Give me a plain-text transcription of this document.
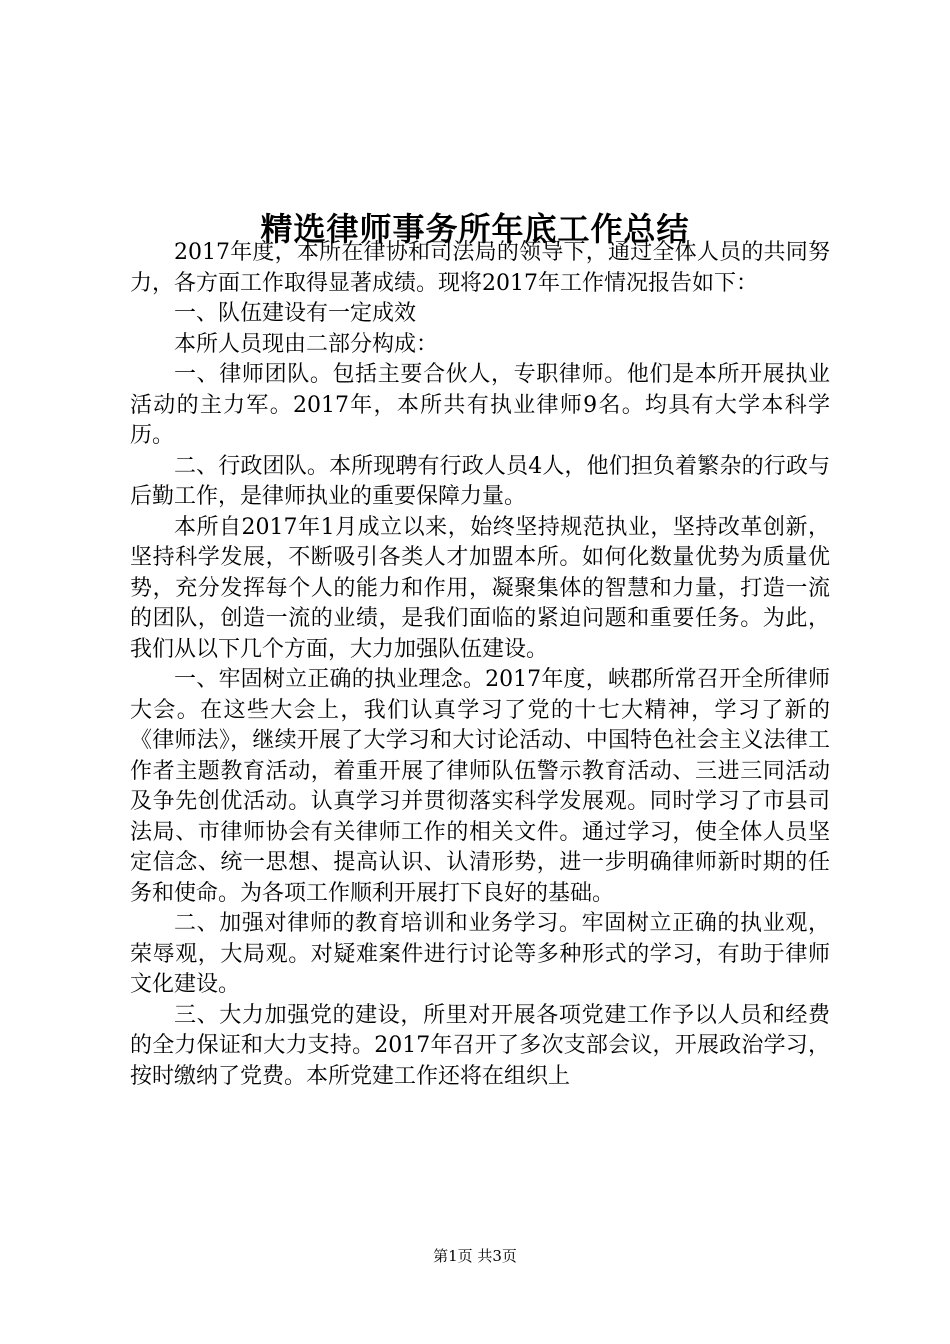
精选律师事务所年底工作总结

2017年度，本所在律协和司法局的领导下，通过全体人员的共同努力，各方面工作取得显著成绩。现将2017年工作情况报告如下：

一、队伍建设有一定成效

本所人员现由二部分构成：

一、律师团队。包括主要合伙人，专职律师。他们是本所开展执业活动的主力军。2017年，本所共有执业律师9名。均具有大学本科学历。

二、行政团队。本所现聘有行政人员4人，他们担负着繁杂的行政与后勤工作，是律师执业的重要保障力量。

本所自2017年1月成立以来，始终坚持规范执业，坚持改革创新，坚持科学发展，不断吸引各类人才加盟本所。如何化数量优势为质量优势，充分发挥每个人的能力和作用，凝聚集体的智慧和力量，打造一流的团队，创造一流的业绩，是我们面临的紧迫问题和重要任务。为此，我们从以下几个方面，大力加强队伍建设。

一、牢固树立正确的执业理念。2017年度，峡郡所常召开全所律师大会。在这些大会上，我们认真学习了党的十七大精神，学习了新的《律师法》，继续开展了大学习和大讨论活动、中国特色社会主义法律工作者主题教育活动，着重开展了律师队伍警示教育活动、三进三同活动及争先创优活动。认真学习并贯彻落实科学发展观。同时学习了市县司法局、市律师协会有关律师工作的相关文件。通过学习，使全体人员坚定信念、统一思想、提高认识、认清形势，进一步明确律师新时期的任务和使命。为各项工作顺利开展打下良好的基础。

二、加强对律师的教育培训和业务学习。牢固树立正确的执业观，荣辱观，大局观。对疑难案件进行讨论等多种形式的学习，有助于律师文化建设。

三、大力加强党的建设，所里对开展各项党建工作予以人员和经费的全力保证和大力支持。2017年召开了多次支部会议，开展政治学习，按时缴纳了党费。本所党建工作还将在组织上

第1页 共3页
